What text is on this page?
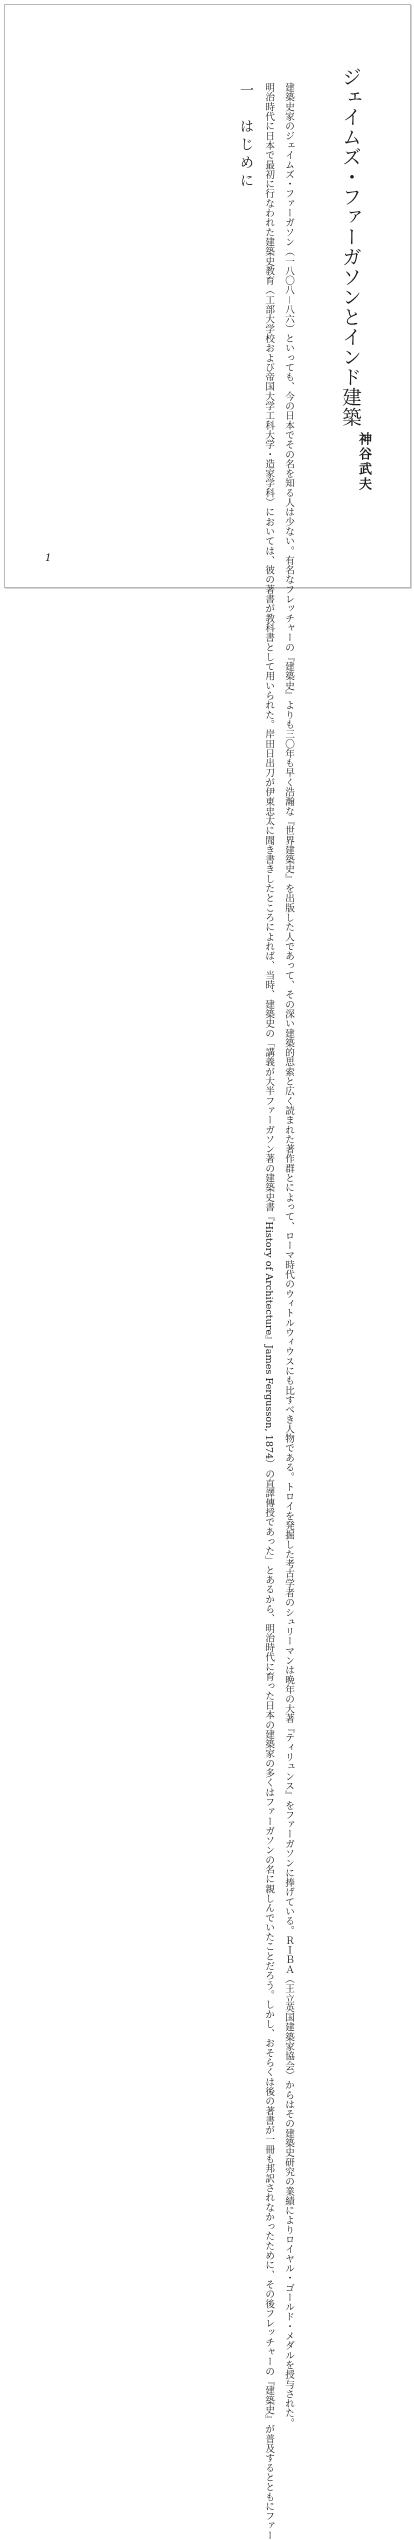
ジェイムズ・ファーガソンとインド建築
神谷武夫
一　はじめに	　建築史家のジェイムズ・ファーガソン（一八〇八－八六）といっても、今の日本でその名を知る人は少ない。有名なフレッチャーの『建築史』よりも三〇年も早く浩瀚な『世界建築史』を出版した人であって、その深い建築的思索と広く読まれた著作群とによって、ローマ時代のウィトルウィウスにも比すべき人物である。トロイを発掘した考古学者のシュリーマンは晩年の大著『ティリュンス』をファーガソンに捧げている。ＲＩＢＡ（王立英国建築家協会）からはその建築史研究の業績によりロイヤル・ゴールド・メダルを授与された。

　明治時代に日本で最初に行なわれた建築史教育（工部大学校および帝国大学工科大学・造家学科）においては、彼の著書が教科書として用いられた。岸田日出刀が伊東忠太に聞き書きしたところによれば、当時、建築史の「講義が大半ファーガソン著の建築史書『History of Architecture』James Fergusson, 1874）の直譯傳授であった」とあるから、明治時代に育った日本の建築家の多くはファーガソンの名に親しんでいたことだろう。しかし、おそらくは後の著書が一冊も邦訳されなかったために、その後フレッチャーの『建築史』が普及するとともにファー

1
